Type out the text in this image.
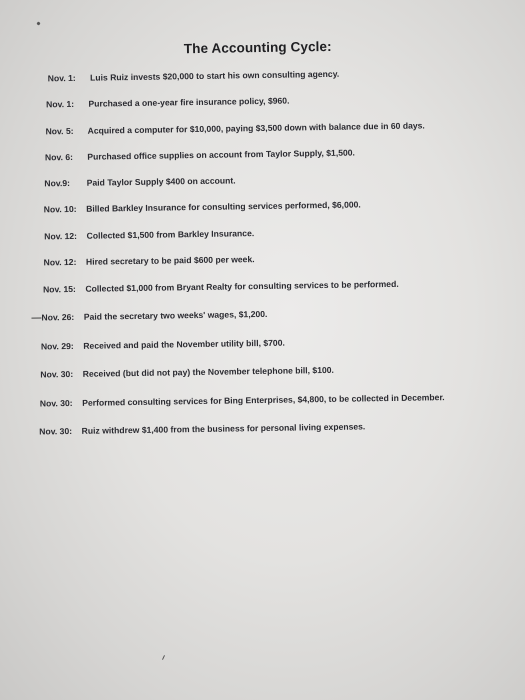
The Accounting Cycle:
Nov. 1: Luis Ruiz invests $20,000 to start his own consulting agency.
Nov. 1: Purchased a one-year fire insurance policy, $960.
Nov. 5: Acquired a computer for $10,000, paying $3,500 down with balance due in 60 days.
Nov. 6: Purchased office supplies on account from Taylor Supply, $1,500.
Nov.9: Paid Taylor Supply $400 on account.
Nov. 10: Billed Barkley Insurance for consulting services performed, $6,000.
Nov. 12: Collected $1,500 from Barkley Insurance.
Nov. 12: Hired secretary to be paid $600 per week.
Nov. 15: Collected $1,000 from Bryant Realty for consulting services to be performed.
Nov. 26: Paid the secretary two weeks' wages, $1,200.
Nov. 29: Received and paid the November utility bill, $700.
Nov. 30: Received (but did not pay) the November telephone bill, $100.
Nov. 30: Performed consulting services for Bing Enterprises, $4,800, to be collected in December.
Nov. 30: Ruiz withdrew $1,400 from the business for personal living expenses.
